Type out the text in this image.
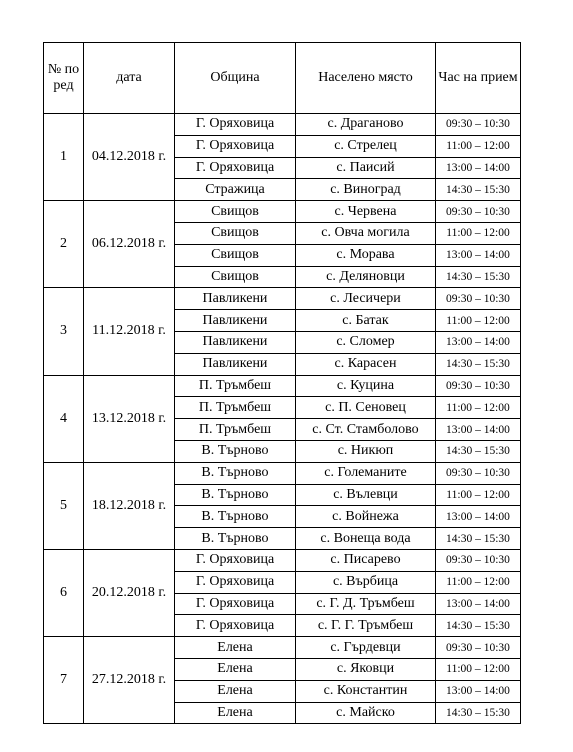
№ по ред	дата	Община	Населено място	Час на прием
1	04.12.2018 г.	Г. Оряховица	с. Драганово	09:30 – 10:30
		Г. Оряховица	с. Стрелец	11:00 – 12:00
		Г. Оряховица	с. Паисий	13:00 – 14:00
		Стражица	с. Виноград	14:30 – 15:30
2	06.12.2018 г.	Свищов	с. Червена	09:30 – 10:30
		Свищов	с. Овча могила	11:00 – 12:00
		Свищов	с. Морава	13:00 – 14:00
		Свищов	с. Деляновци	14:30 – 15:30
3	11.12.2018 г.	Павликени	с. Лесичери	09:30 – 10:30
		Павликени	с. Батак	11:00 – 12:00
		Павликени	с. Сломер	13:00 – 14:00
		Павликени	с. Карасен	14:30 – 15:30
4	13.12.2018 г.	П. Тръмбеш	с. Куцина	09:30 – 10:30
		П. Тръмбеш	с. П. Сеновец	11:00 – 12:00
		П. Тръмбеш	с. Ст. Стамболово	13:00 – 14:00
		В. Търново	с. Никюп	14:30 – 15:30
5	18.12.2018 г.	В. Търново	с. Големаните	09:30 – 10:30
		В. Търново	с. Вълевци	11:00 – 12:00
		В. Търново	с. Войнежа	13:00 – 14:00
		В. Търново	с. Вонеща вода	14:30 – 15:30
6	20.12.2018 г.	Г. Оряховица	с. Писарево	09:30 – 10:30
		Г. Оряховица	с. Върбица	11:00 – 12:00
		Г. Оряховица	с. Г. Д. Тръмбеш	13:00 – 14:00
		Г. Оряховица	с. Г. Г. Тръмбеш	14:30 – 15:30
7	27.12.2018 г.	Елена	с. Гърдевци	09:30 – 10:30
		Елена	с. Яковци	11:00 – 12:00
		Елена	с. Константин	13:00 – 14:00
		Елена	с. Майско	14:30 – 15:30
